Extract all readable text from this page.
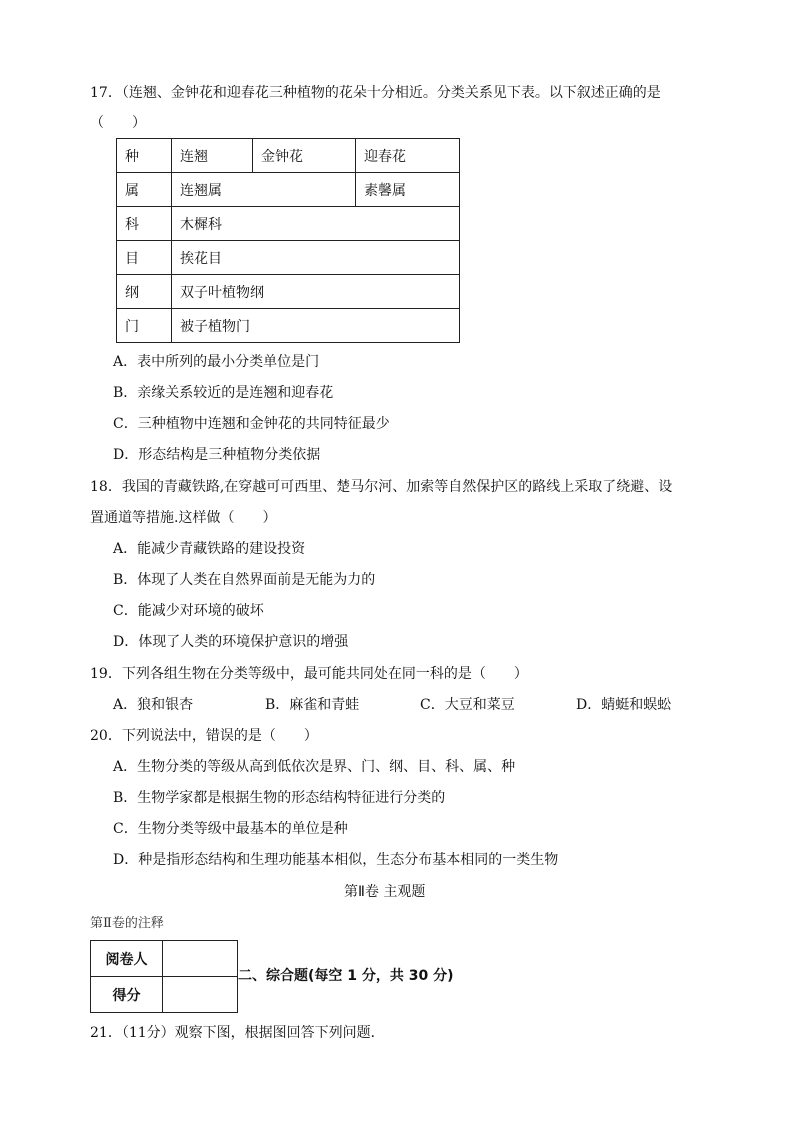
17．（连翘、金钟花和迎春花三种植物的花朵十分相近。分类关系见下表。以下叙述正确的是
（　　）
种	连翘	金钟花	迎春花
属	连翘属		素馨属
科	木樨科		
目	挨花目		
纲	双子叶植物纲		
门	被子植物门		
A．表中所列的最小分类单位是门
B．亲缘关系较近的是连翘和迎春花
C．三种植物中连翘和金钟花的共同特征最少
D．形态结构是三种植物分类依据
18．我国的青藏铁路,在穿越可可西里、楚马尔河、加索等自然保护区的路线上采取了绕避、设
置通道等措施.这样做（　　）
A．能减少青藏铁路的建设投资
B．体现了人类在自然界面前是无能为力的
C．能减少对环境的破坏
D．体现了人类的环境保护意识的增强
19．下列各组生物在分类等级中，最可能共同处在同一科的是（　　）
A．狼和银杏	B．麻雀和青蛙	C．大豆和菜豆	D．蜻蜓和蜈蚣
20．下列说法中，错误的是（　　）
A．生物分类的等级从高到低依次是界、门、纲、目、科、属、种
B．生物学家都是根据生物的形态结构特征进行分类的
C．生物分类等级中最基本的单位是种
D．种是指形态结构和生理功能基本相似，生态分布基本相同的一类生物
第Ⅱ卷 主观题
第Ⅱ卷的注释
阅卷人	
得分	
二、综合题(每空 1 分，共 30 分)
21．（11分）观察下图，根据图回答下列问题．
